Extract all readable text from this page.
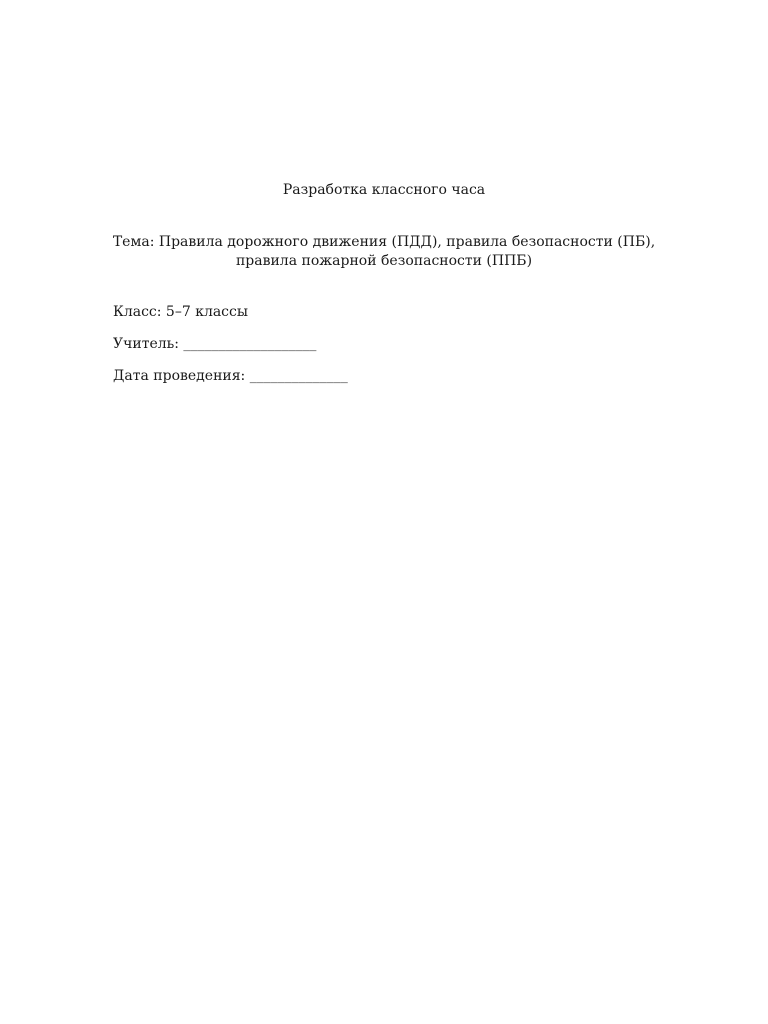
Разработка классного часа
Тема: Правила дорожного движения (ПДД), правила безопасности (ПБ),
правила пожарной безопасности (ППБ)
Класс: 5–7 классы
Учитель: ___________________
Дата проведения: ______________
